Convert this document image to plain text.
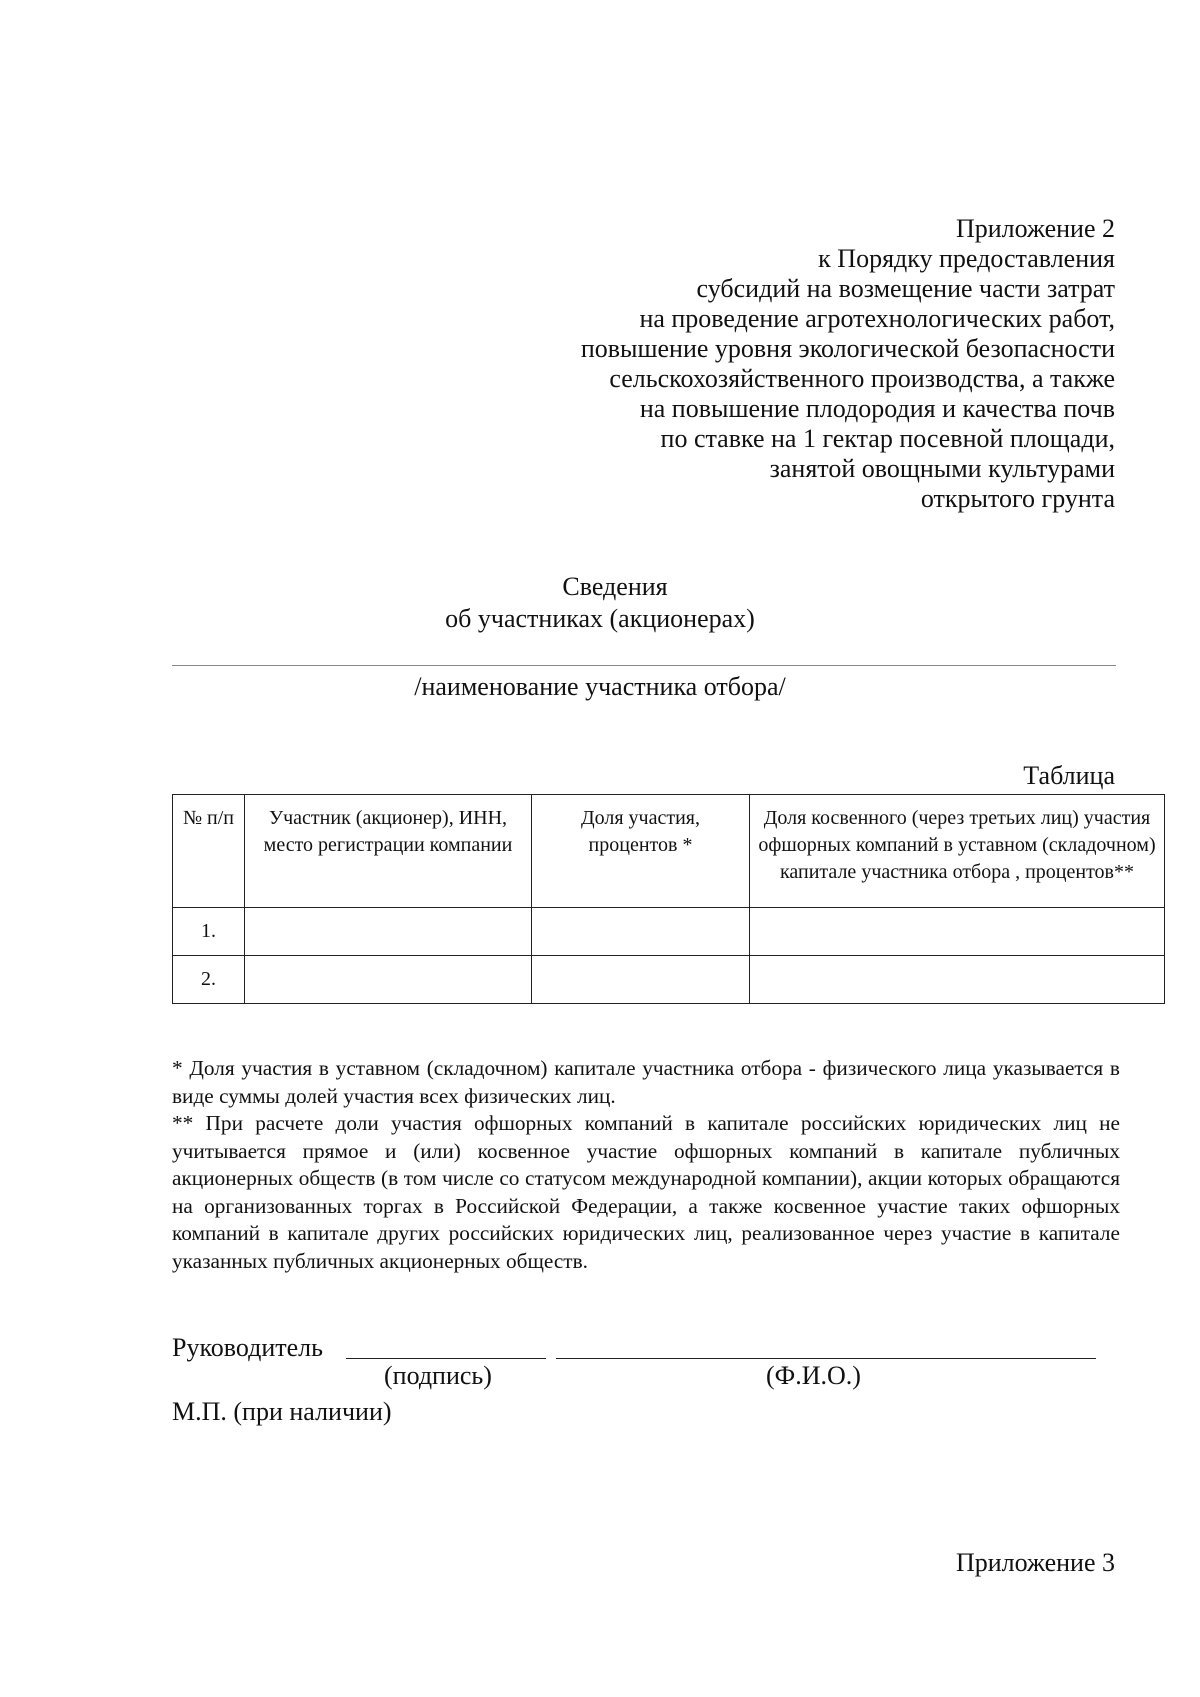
Приложение 2
к Порядку предоставления
субсидий на возмещение части затрат
на проведение агротехнологических работ,
повышение уровня экологической безопасности
сельскохозяйственного производства, а также
на повышение плодородия и качества почв
по ставке на 1 гектар посевной площади,
занятой овощными культурами
открытого грунта
Сведения
об участниках (акционерах)
/наименование участника отбора/
Таблица
№ п/п	Участник (акционер), ИНН, место регистрации компании	Доля участия, процентов *	Доля косвенного (через третьих лиц) участия офшорных компаний в уставном (складочном) капитале участника отбора , процентов**
1.			
2.			

* Доля участия в уставном (складочном) капитале участника отбора - физического лица указывается в виде суммы долей участия всех физических лиц.

** При расчете доли участия офшорных компаний в капитале российских юридических лиц не учитывается прямое и (или) косвенное участие офшорных компаний в капитале публичных акционерных обществ (в том числе со статусом международной компании), акции которых обращаются на организованных торгах в Российской Федерации, а также косвенное участие таких офшорных компаний в капитале других российских юридических лиц, реализованное через участие в капитале указанных публичных акционерных обществ.

Руководитель
(подпись)	(Ф.И.О.)
М.П. (при наличии)
Приложение 3
